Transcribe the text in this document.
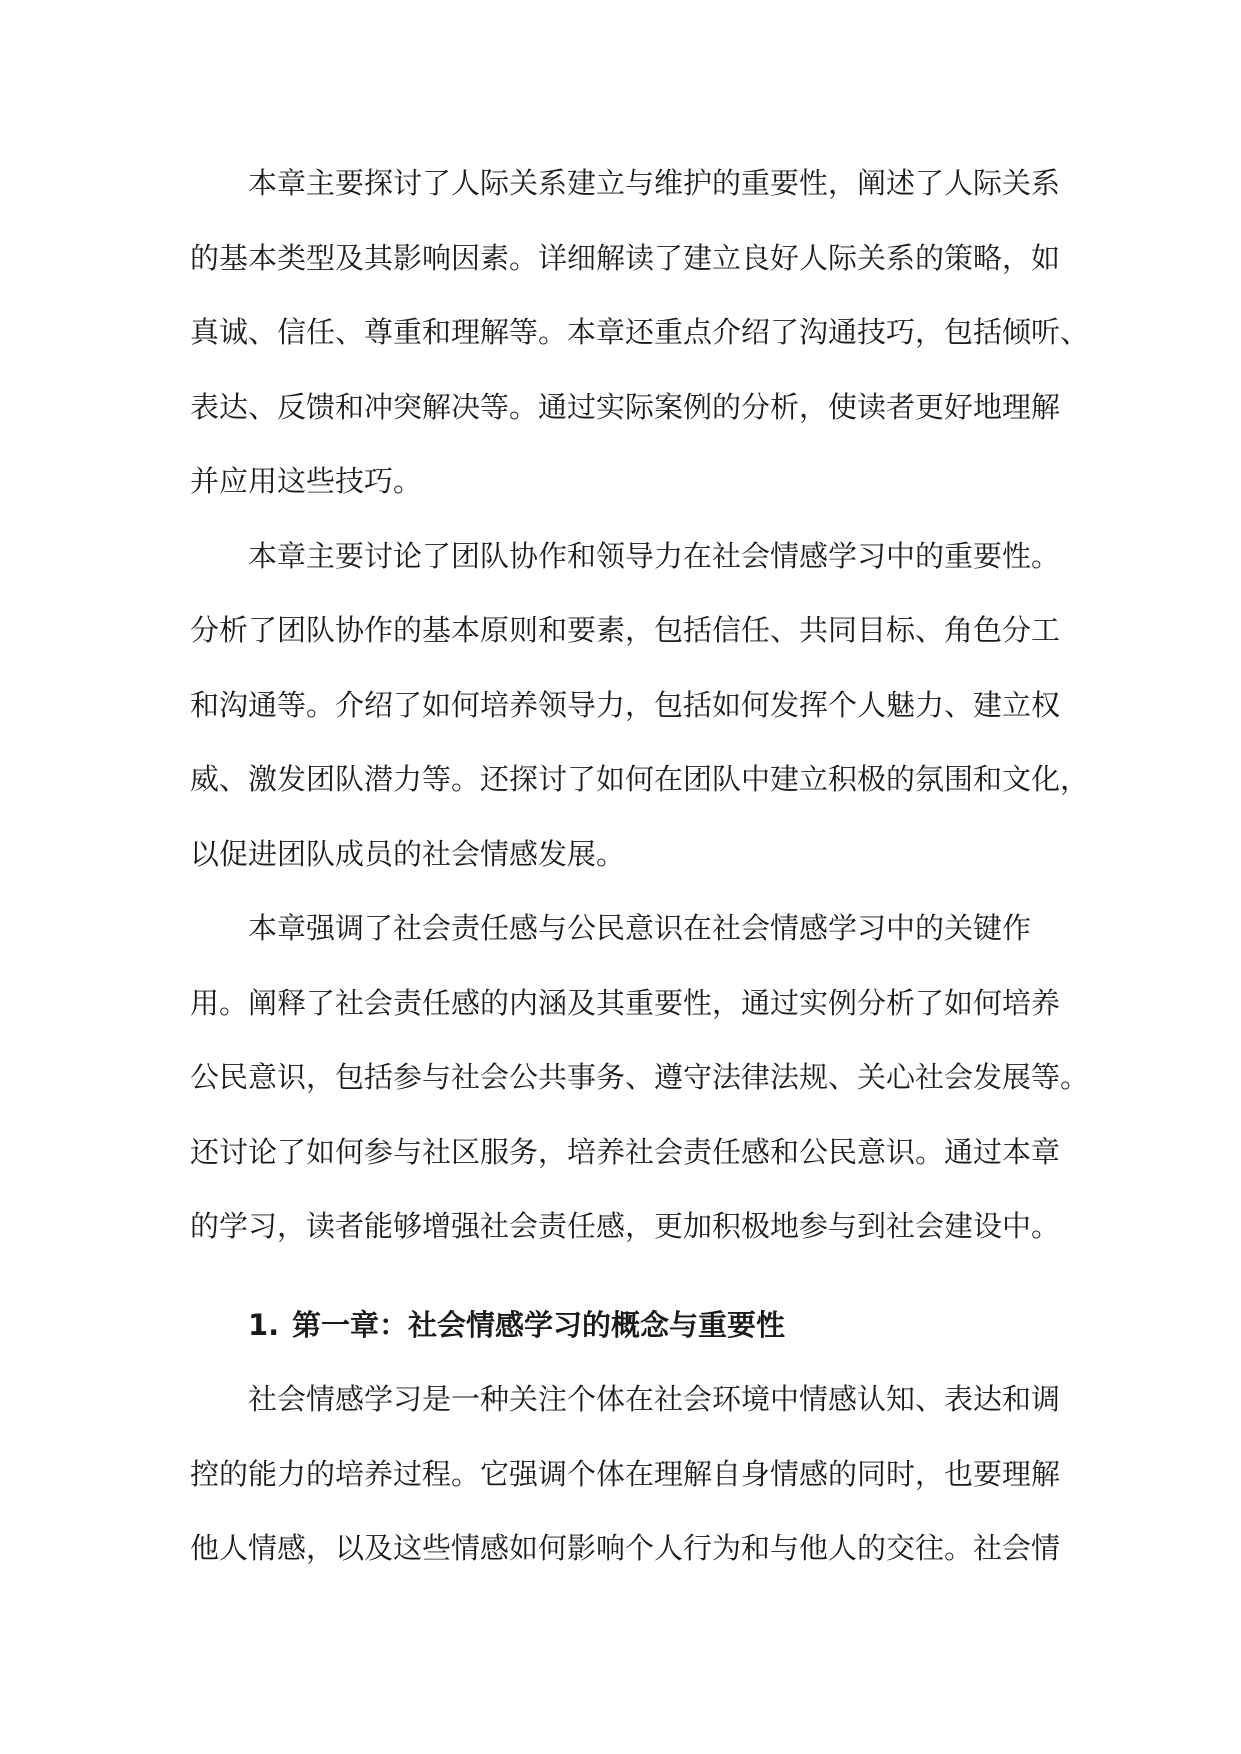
本章主要探讨了人际关系建立与维护的重要性，阐述了人际关系
的基本类型及其影响因素。详细解读了建立良好人际关系的策略，如
真诚、信任、尊重和理解等。本章还重点介绍了沟通技巧，包括倾听、
表达、反馈和冲突解决等。通过实际案例的分析，使读者更好地理解
并应用这些技巧。

本章主要讨论了团队协作和领导力在社会情感学习中的重要性。
分析了团队协作的基本原则和要素，包括信任、共同目标、角色分工
和沟通等。介绍了如何培养领导力，包括如何发挥个人魅力、建立权
威、激发团队潜力等。还探讨了如何在团队中建立积极的氛围和文化，
以促进团队成员的社会情感发展。

本章强调了社会责任感与公民意识在社会情感学习中的关键作
用。阐释了社会责任感的内涵及其重要性，通过实例分析了如何培养
公民意识，包括参与社会公共事务、遵守法律法规、关心社会发展等。
还讨论了如何参与社区服务，培养社会责任感和公民意识。通过本章
的学习，读者能够增强社会责任感，更加积极地参与到社会建设中。

1. 第一章：社会情感学习的概念与重要性

社会情感学习是一种关注个体在社会环境中情感认知、表达和调
控的能力的培养过程。它强调个体在理解自身情感的同时，也要理解
他人情感，以及这些情感如何影响个人行为和与他人的交往。社会情
